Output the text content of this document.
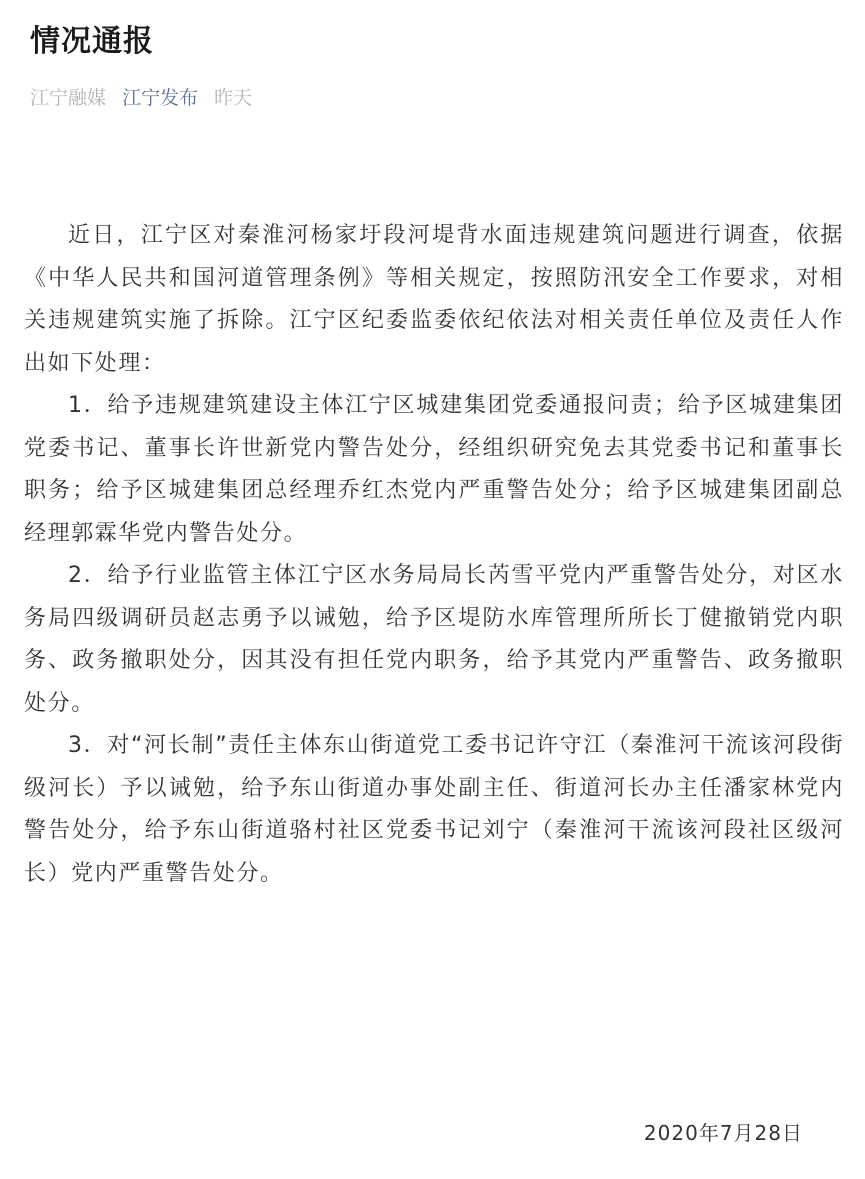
情况通报
江宁融媒 江宁发布 昨天

近日，江宁区对秦淮河杨家圩段河堤背水面违规建筑问题进行调查，依据《中华人民共和国河道管理条例》等相关规定，按照防汛安全工作要求，对相关违规建筑实施了拆除。江宁区纪委监委依纪依法对相关责任单位及责任人作出如下处理：

1．给予违规建筑建设主体江宁区城建集团党委通报问责；给予区城建集团党委书记、董事长许世新党内警告处分，经组织研究免去其党委书记和董事长职务；给予区城建集团总经理乔红杰党内严重警告处分；给予区城建集团副总经理郭霖华党内警告处分。

2．给予行业监管主体江宁区水务局局长芮雪平党内严重警告处分，对区水务局四级调研员赵志勇予以诫勉，给予区堤防水库管理所所长丁健撤销党内职务、政务撤职处分，因其没有担任党内职务，给予其党内严重警告、政务撤职处分。

3．对“河长制”责任主体东山街道党工委书记许守江（秦淮河干流该河段街级河长）予以诫勉，给予东山街道办事处副主任、街道河长办主任潘家林党内警告处分，给予东山街道骆村社区党委书记刘宁（秦淮河干流该河段社区级河长）党内严重警告处分。

2020年7月28日
